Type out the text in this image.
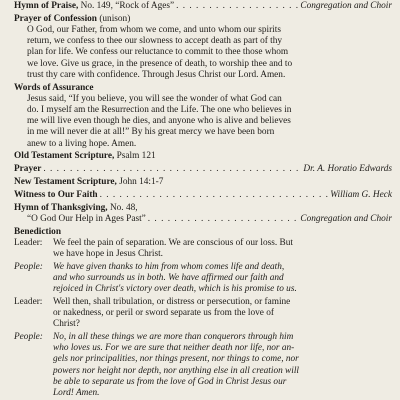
Hymn of Praise, No. 149, “Rock of Ages” . . .	Congregation and Choir
Prayer of Confession (unison)
O God, our Father, from whom we come, and unto whom our spirits
return, we confess to thee our slowness to accept death as part of thy
plan for life. We confess our reluctance to commit to thee those whom
we love. Give us grace, in the presence of death, to worship thee and to
trust thy care with confidence. Through Jesus Christ our Lord. Amen.
Words of Assurance
Jesus said, “If you believe, you will see the wonder of what God can
do. I myself am the Resurrection and the Life. The one who believes in
me will live even though he dies, and anyone who is alive and believes
in me will never die at all!” By his great mercy we have been born
anew to a living hope. Amen.
Old Testament Scripture, Psalm 121
Prayer . . .	Dr. A. Horatio Edwards
New Testament Scripture, John 14:1-7
Witness to Our Faith . . .	William G. Heck
Hymn of Thanksgiving, No. 48,
“O God Our Help in Ages Past” . . .	Congregation and Choir
Benediction
Leader:	We feel the pain of separation. We are conscious of our loss. But
we have hope in Jesus Christ.
People:	We have given thanks to him from whom comes life and death,
and who surrounds us in both. We have affirmed our faith and
rejoiced in Christ's victory over death, which is his promise to us.
Leader:	Well then, shall tribulation, or distress or persecution, or famine
or nakedness, or peril or sword separate us from the love of
Christ?
People:	No, in all these things we are more than conquerors through him
who loves us. For we are sure that neither death nor life, nor an-
gels nor principalities, nor things present, nor things to come, nor
powers nor height nor depth, nor anything else in all creation will
be able to separate us from the love of God in Christ Jesus our
Lord! Amen.
